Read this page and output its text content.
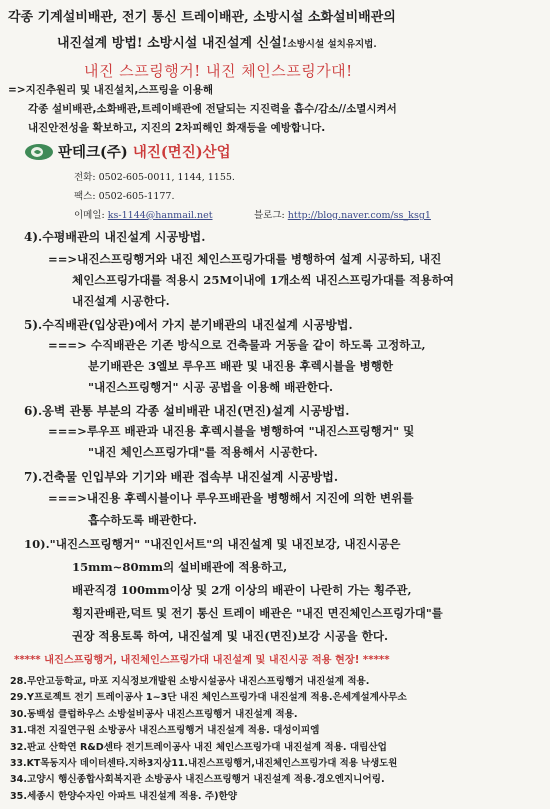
각종 기계설비배관, 전기 통신 트레이배관, 소방시설 소화설비배관의
내진설계 방법! 소방시설 내진설계 신설!소방시설 설치유지법.
내진 스프링행거! 내진 체인스프링가대!
=>지진추원리 및 내진설치,스프링을 이용해
각종 설비배관,소화배관,트레이배관에 전달되는 지진력을 흡수/감소//소멸시켜서
내진안전성을 확보하고, 지진의 2차피해인 화재등을 예방합니다.
판테크(주) 내진(면진)산업
전화: 0502-605-0011, 1144, 1155.
팩스: 0502-605-1177.
이메일: ks-1144@hanmail.net	블로그: http://blog.naver.com/ss_ksg1
4).수평배관의 내진설계 시공방법.
==>내진스프링행거와 내진 체인스프링가대를 병행하여 설계 시공하되, 내진
체인스프링가대를 적용시 25M이내에 1개소씩 내진스프링가대를 적용하여
내진설계 시공한다.
5).수직배관(입상관)에서 가지 분기배관의 내진설계 시공방법.
===> 수직배관은 기존 방식으로 건축물과 거동을 같이 하도록 고정하고,
분기배관은 3엘보 루우프 배관 및 내진용 후렉시블을 병행한
"내진스프링행거" 시공 공법을 이용해 배관한다.
6).옹벽 관통 부분의 각종 설비배관 내진(면진)설계 시공방법.
===>루우프 배관과 내진용 후렉시블을 병행하여 "내진스프링행거" 및
"내진 체인스프링가대"를 적용해서 시공한다.
7).건축물 인입부와 기기와 배관 접속부 내진설계 시공방법.
===>내진용 후렉시블이나 루우프배관을 병행해서 지진에 의한 변위를
흡수하도록 배관한다.
10)."내진스프링행거" "내진인서트"의 내진설계 및 내진보강, 내진시공은
15mm~80mm의 설비배관에 적용하고,
배관직경 100mm이상 및 2개 이상의 배관이 나란히 가는 횡주관,
횡지관배관,덕트 및 전기 통신 트레이 배관은 "내진 면진체인스프링가대"를
권장 적용토록 하여, 내진설계 및 내진(면진)보강 시공을 한다.
***** 내진스프링행거, 내진체인스프링가대 내진설계 및 내진시공 적용 현장! *****
28.무안고등학교, 마포 지식정보개발원 소방시설공사 내진스프링행거 내진설계 적용.
29.Y프로젝트 전기 트레이공사 1~3단 내진 체인스프링가대 내진설계 적용.은세계설계사무소
30.동백섬 클럽하우스 소방설비공사 내진스프링행거 내진설계 적용.
31.대전 지질연구원 소방공사 내진스프링행거 내진설계 적용. 대성이피엠
32.판교 산학연 R&D센타 전기트레이공사 내진 체인스프링가대 내진설계 적용. 대림산업
33.KT목동지사 데이터센타.지하3지상11.내진스프링행거,내진체인스프링가대 적용 낙생도원
34.고양시 행신종합사회복지관 소방공사 내진스프링행거 내진설계 적용.경오엔지니어링.
35.세종시 한양수자인 아파트 내진설계 적용. 주)한양
